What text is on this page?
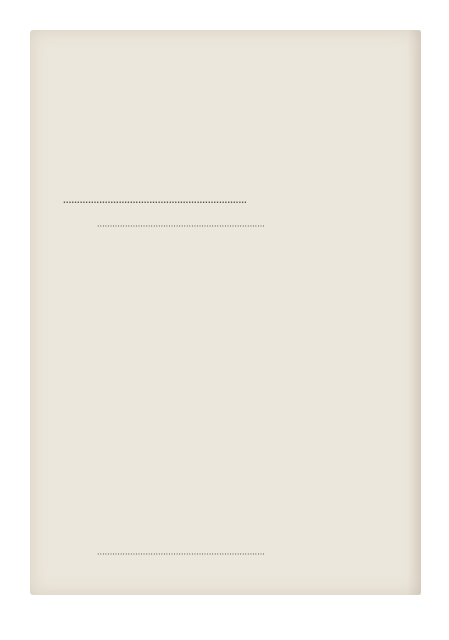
··································································
··································································
··································································
